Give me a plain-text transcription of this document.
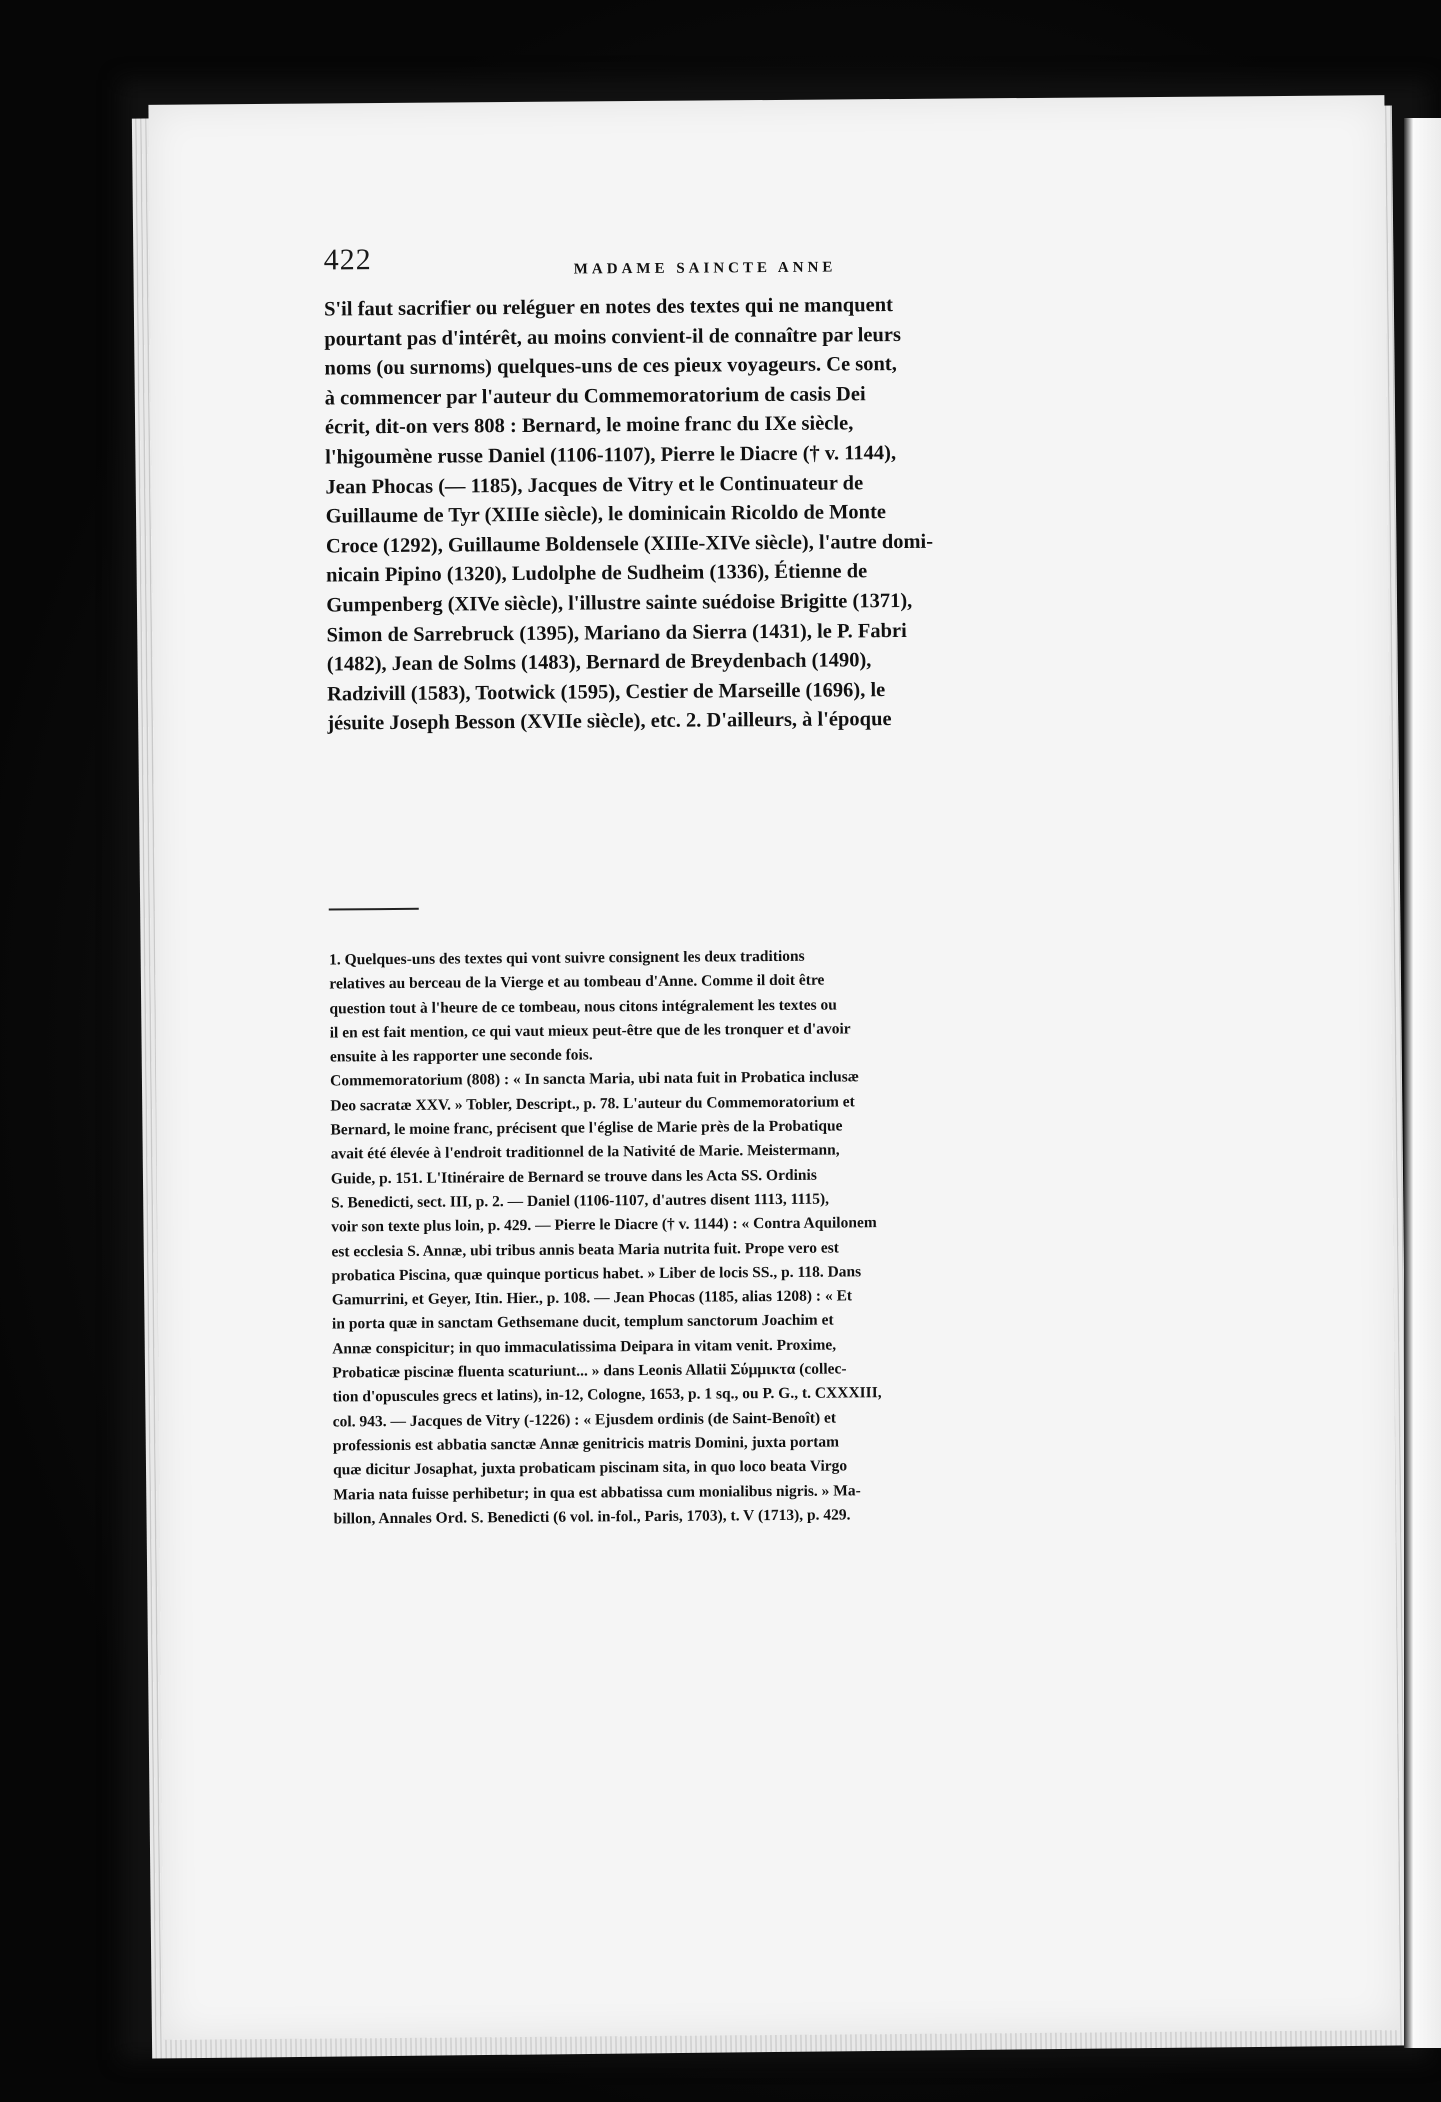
422	MADAME SAINCTE ANNE
S'il faut sacrifier ou reléguer en notes des textes qui ne manquent
pourtant pas d'intérêt, au moins convient-il de connaître par leurs
noms (ou surnoms) quelques-uns de ces pieux voyageurs. Ce sont,
à commencer par l'auteur du Commemoratorium de casis Dei
écrit, dit-on vers 808 : Bernard, le moine franc du IXe siècle,
l'higoumène russe Daniel (1106-1107), Pierre le Diacre († v. 1144),
Jean Phocas (— 1185), Jacques de Vitry et le Continuateur de
Guillaume de Tyr (XIIIe siècle), le dominicain Ricoldo de Monte
Croce (1292), Guillaume Boldensele (XIIIe-XIVe siècle), l'autre domi-
nicain Pipino (1320), Ludolphe de Sudheim (1336), Étienne de
Gumpenberg (XIVe siècle), l'illustre sainte suédoise Brigitte (1371),
Simon de Sarrebruck (1395), Mariano da Sierra (1431), le P. Fabri
(1482), Jean de Solms (1483), Bernard de Breydenbach (1490),
Radzivill (1583), Tootwick (1595), Cestier de Marseille (1696), le
jésuite Joseph Besson (XVIIe siècle), etc. 2. D'ailleurs, à l'époque
1. Quelques-uns des textes qui vont suivre consignent les deux traditions
relatives au berceau de la Vierge et au tombeau d'Anne. Comme il doit être
question tout à l'heure de ce tombeau, nous citons intégralement les textes ou
il en est fait mention, ce qui vaut mieux peut-être que de les tronquer et d'avoir
ensuite à les rapporter une seconde fois.
Commemoratorium (808) : « In sancta Maria, ubi nata fuit in Probatica inclusæ
Deo sacratæ XXV. » Tobler, Descript., p. 78. L'auteur du Commemoratorium et
Bernard, le moine franc, précisent que l'église de Marie près de la Probatique
avait été élevée à l'endroit traditionnel de la Nativité de Marie. Meistermann,
Guide, p. 151. L'Itinéraire de Bernard se trouve dans les Acta SS. Ordinis
S. Benedicti, sect. III, p. 2. — Daniel (1106-1107, d'autres disent 1113, 1115),
voir son texte plus loin, p. 429. — Pierre le Diacre († v. 1144) : « Contra Aquilonem
est ecclesia S. Annæ, ubi tribus annis beata Maria nutrita fuit. Prope vero est
probatica Piscina, quæ quinque porticus habet. » Liber de locis SS., p. 118. Dans
Gamurrini, et Geyer, Itin. Hier., p. 108. — Jean Phocas (1185, alias 1208) : « Et
in porta quæ in sanctam Gethsemane ducit, templum sanctorum Joachim et
Annæ conspicitur; in quo immaculatissima Deipara in vitam venit. Proxime,
Probaticæ piscinæ fluenta scaturiunt... » dans Leonis Allatii Σύμμικτα (collec-
tion d'opuscules grecs et latins), in-12, Cologne, 1653, p. 1 sq., ou P. G., t. CXXXIII,
col. 943. — Jacques de Vitry (-1226) : « Ejusdem ordinis (de Saint-Benoît) et
professionis est abbatia sanctæ Annæ genitricis matris Domini, juxta portam
quæ dicitur Josaphat, juxta probaticam piscinam sita, in quo loco beata Virgo
Maria nata fuisse perhibetur; in qua est abbatissa cum monialibus nigris. » Ma-
billon, Annales Ord. S. Benedicti (6 vol. in-fol., Paris, 1703), t. V (1713), p. 429.
